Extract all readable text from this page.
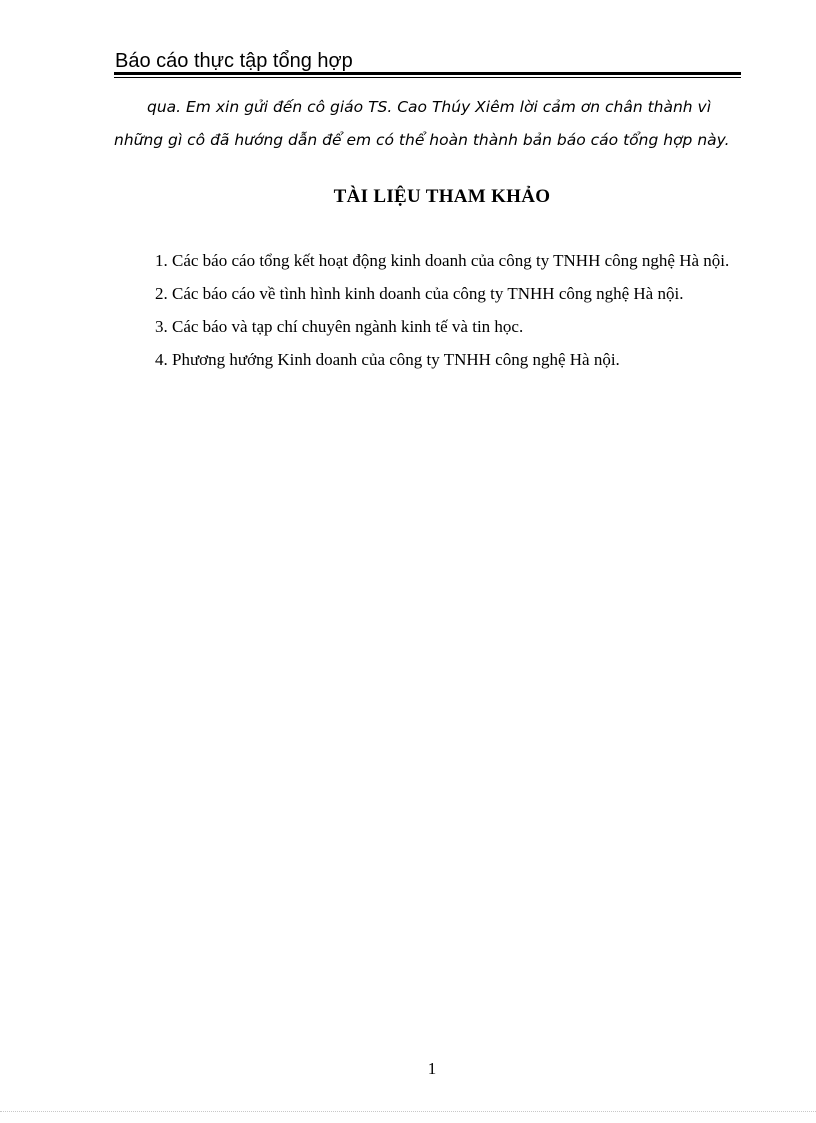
Báo cáo thực tập tổng hợp

qua. Em xin gửi đến cô giáo TS. Cao Thúy Xiêm lời cảm ơn chân thành vì
những gì cô đã hướng dẫn để em có thể hoàn thành bản báo cáo tổng hợp này.

TÀI LIỆU THAM KHẢO
1. Các báo cáo tổng kết hoạt động kinh doanh của công ty TNHH công nghệ Hà nội.
2. Các báo cáo về tình hình kinh doanh của công ty TNHH công nghệ Hà nội.
3. Các báo và tạp chí chuyên ngành kinh tế và tin học.
4. Phương hướng Kinh doanh của công ty TNHH công nghệ Hà nội.
1
